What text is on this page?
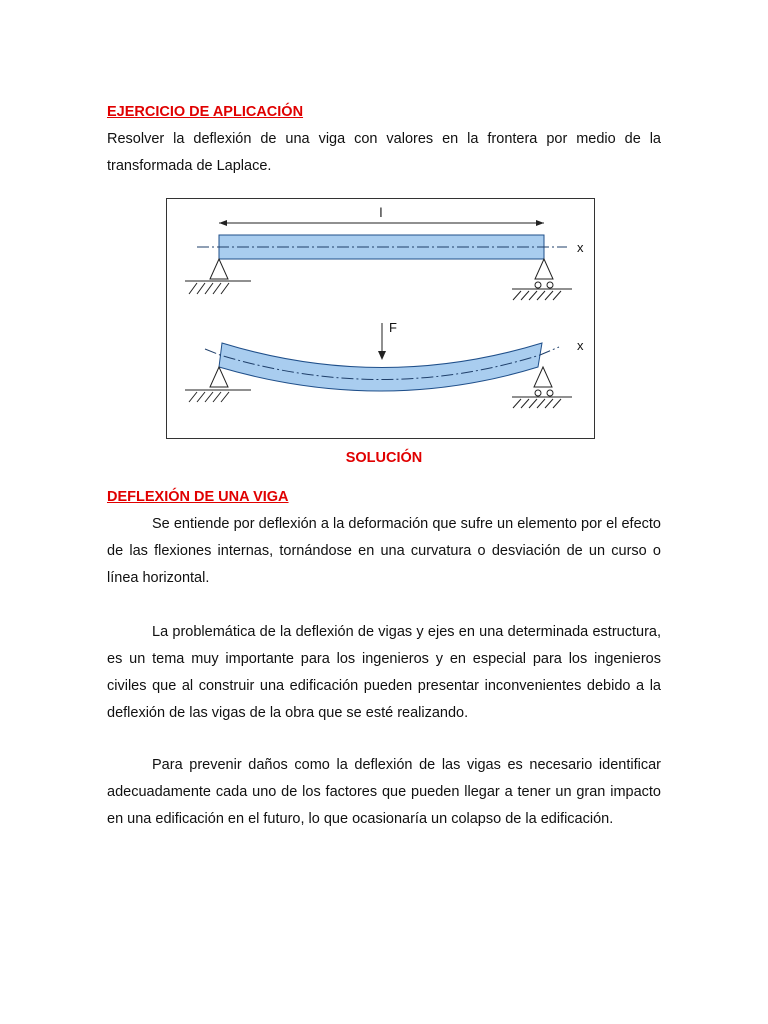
EJERCICIO DE APLICACIÓN

Resolver la deflexión de una viga con valores en la frontera por medio de la transformada de Laplace.

l
x
F
x
SOLUCIÓN
DEFLEXIÓN DE UNA VIGA

Se entiende por deflexión a la deformación que sufre un elemento por el efecto de las flexiones internas, tornándose en una curvatura o desviación de un curso o línea horizontal.

La problemática de la deflexión de vigas y ejes en una determinada estructura, es un tema muy importante para los ingenieros y en especial para los ingenieros civiles que al construir una edificación pueden presentar inconvenientes debido a la deflexión de las vigas de la obra que se esté realizando.

Para prevenir daños como la deflexión de las vigas es necesario identificar adecuadamente cada uno de los factores que pueden llegar a tener un gran impacto en una edificación en el futuro, lo que ocasionaría un colapso de la edificación.
